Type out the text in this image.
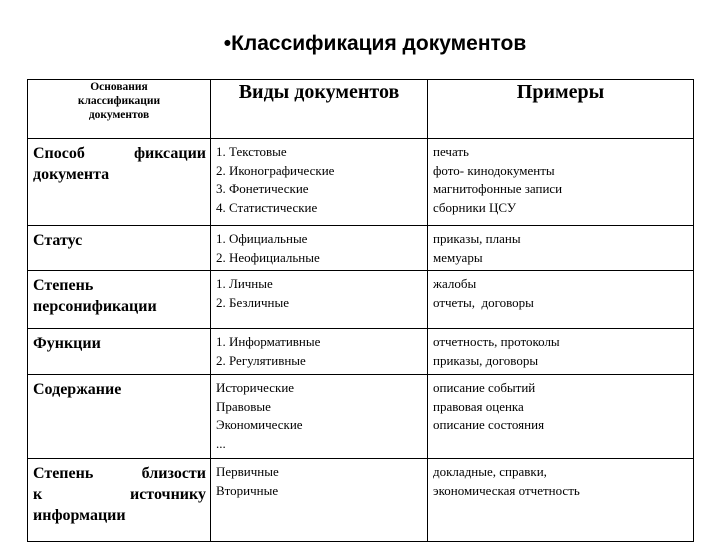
•Классификация документов
Основания классификации документов	Виды документов	Примеры

Способ фиксации
документа	1. Текстовые
2. Иконографические
3. Фонетические
4. Статистические	печать
фото- кинодокументы
магнитофонные записи
сборники ЦСУ

Статус	1. Официальные
2. Неофициальные	приказы, планы
мемуары

Степень
персонификации	1. Личные
2. Безличные	жалобы
отчеты,  договоры

Функции	1. Информативные
2. Регулятивные	отчетность, протоколы
приказы, договоры

Содержание	Исторические
Правовые
Экономические
...	описание событий
правовая оценка
описание состояния

Степень близости
к источнику
информации	Первичные
Вторичные	докладные, справки,
экономическая отчетность
